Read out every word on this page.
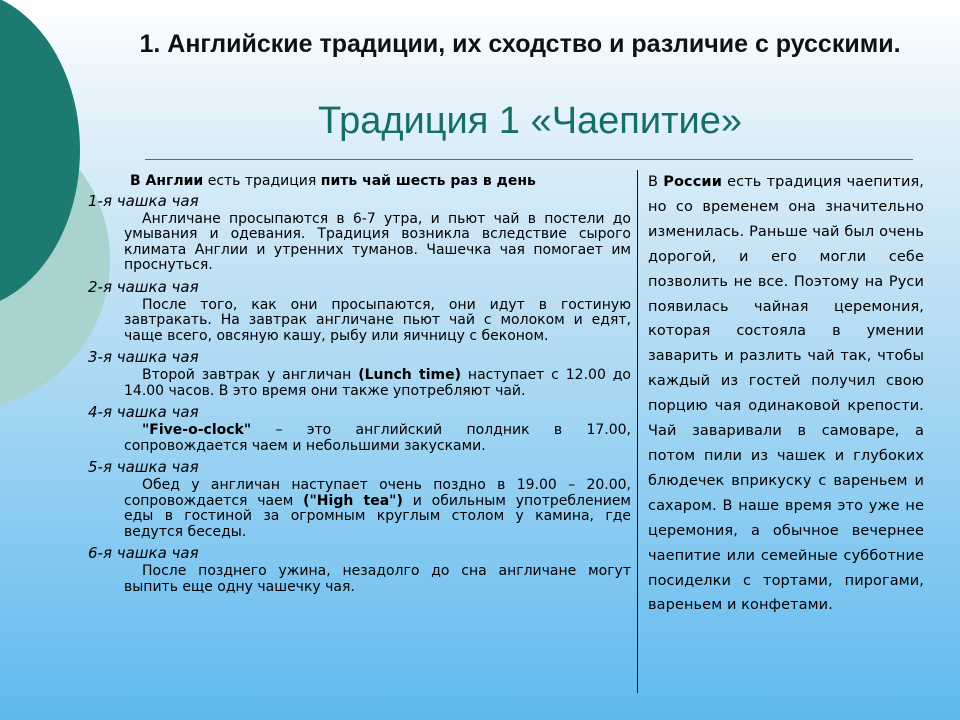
1. Английские традиции, их сходство и различие с русскими.
Традиция 1 «Чаепитие»
В Англии есть традиция пить чай шесть раз в день
1-я чашка чая
Англичане просыпаются в 6-7 утра, и пьют чай в постели до умывания и одевания. Традиция возникла вследствие сырого климата Англии и утренних туманов. Чашечка чая помогает им проснуться.
2-я чашка чая
После того, как они просыпаются, они идут в гостиную завтракать. На завтрак англичане пьют чай с молоком и едят, чаще всего, овсяную кашу, рыбу или яичницу с беконом.
3-я чашка чая
Второй завтрак у англичан (Lunch time) наступает с 12.00 до 14.00 часов. В это время они также употребляют чай.
4-я чашка чая
"Five-o-clock" – это английский полдник в 17.00, сопровождается чаем и небольшими закусками.
5-я чашка чая
Обед у англичан наступает очень поздно в 19.00 – 20.00, сопровождается чаем ("High tea") и обильным употреблением еды в гостиной за огромным круглым столом у камина, где ведутся беседы.
6-я чашка чая
После позднего ужина, незадолго до сна англичане могут выпить еще одну чашечку чая.
В России есть традиция чаепития, но со временем она значительно изменилась. Раньше чай был очень дорогой, и его могли себе позволить не все. Поэтому на Руси появилась чайная церемония, которая состояла в умении заварить и разлить чай так, чтобы каждый из гостей получил свою порцию чая одинаковой крепости. Чай заваривали в самоваре, а потом пили из чашек и глубоких блюдечек вприкуску с вареньем и сахаром. В наше время это уже не церемония, а обычное вечернее чаепитие или семейные субботние посиделки с тортами, пирогами, вареньем и конфетами.
